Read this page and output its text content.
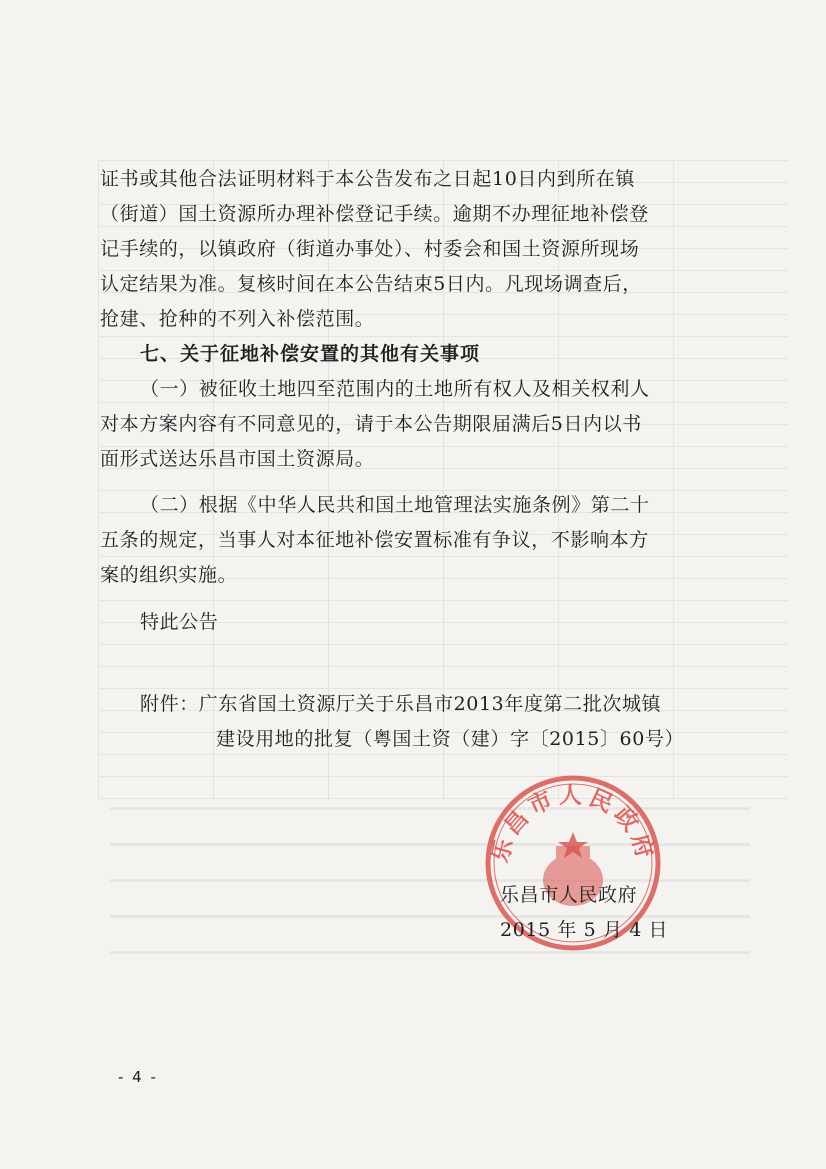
证书或其他合法证明材料于本公告发布之日起10日内到所在镇
（街道）国土资源所办理补偿登记手续。逾期不办理征地补偿登
记手续的，以镇政府（街道办事处）、村委会和国土资源所现场
认定结果为准。复核时间在本公告结束5日内。凡现场调查后，
抢建、抢种的不列入补偿范围。
七、关于征地补偿安置的其他有关事项
（一）被征收土地四至范围内的土地所有权人及相关权利人
对本方案内容有不同意见的，请于本公告期限届满后5日内以书
面形式送达乐昌市国土资源局。
（二）根据《中华人民共和国土地管理法实施条例》第二十
五条的规定，当事人对本征地补偿安置标准有争议，不影响本方
案的组织实施。
特此公告
附件：广东省国土资源厅关于乐昌市2013年度第二批次城镇
建设用地的批复（粤国土资（建）字〔2015〕60号）
乐昌市人民政府
乐昌市人民政府
2015 年 5 月 4 日
- 4 -
